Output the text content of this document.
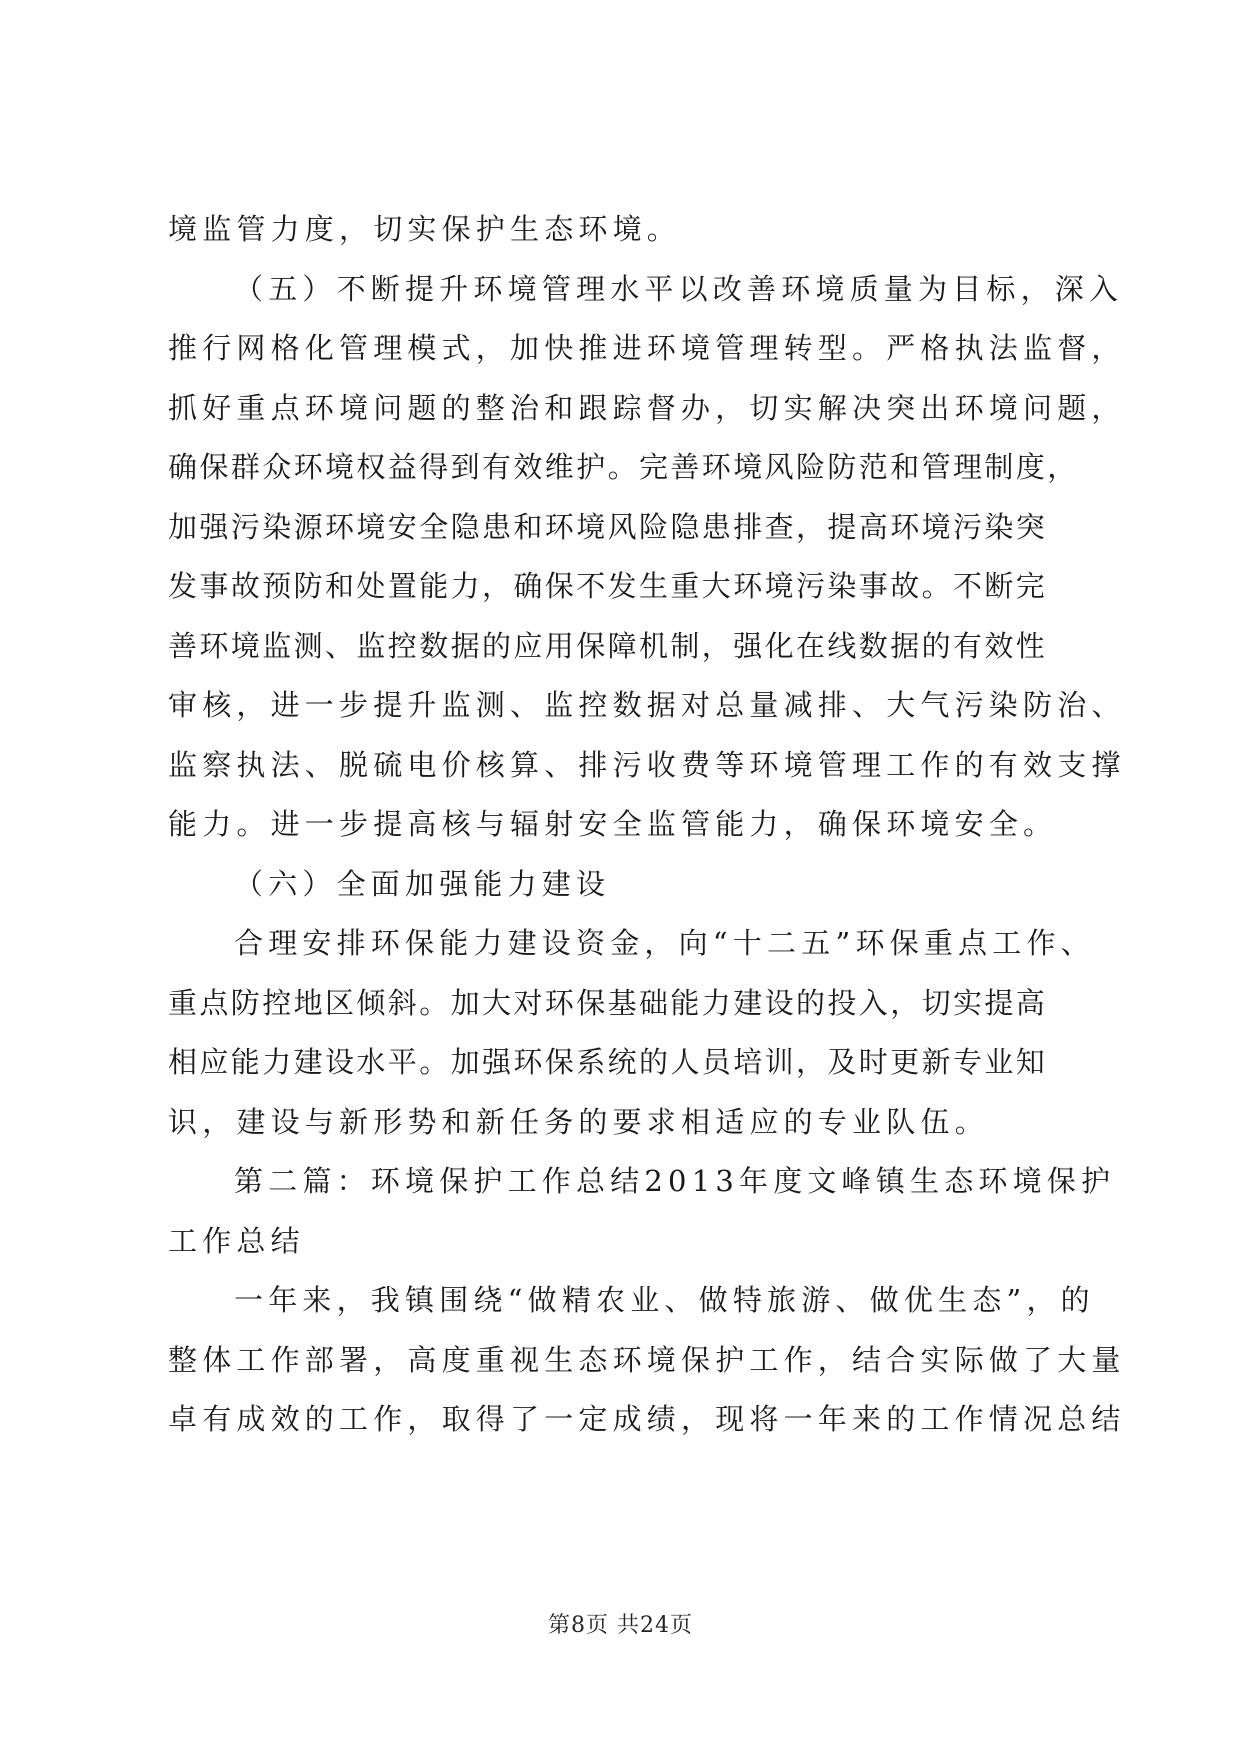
境监管力度，切实保护生态环境。
（五）不断提升环境管理水平以改善环境质量为目标，深入
推行网格化管理模式，加快推进环境管理转型。严格执法监督，
抓好重点环境问题的整治和跟踪督办，切实解决突出环境问题，
确保群众环境权益得到有效维护。完善环境风险防范和管理制度，
加强污染源环境安全隐患和环境风险隐患排查，提高环境污染突
发事故预防和处置能力，确保不发生重大环境污染事故。不断完
善环境监测、监控数据的应用保障机制，强化在线数据的有效性
审核，进一步提升监测、监控数据对总量减排、大气污染防治、
监察执法、脱硫电价核算、排污收费等环境管理工作的有效支撑
能力。进一步提高核与辐射安全监管能力，确保环境安全。
（六）全面加强能力建设
合理安排环保能力建设资金，向“十二五”环保重点工作、
重点防控地区倾斜。加大对环保基础能力建设的投入，切实提高
相应能力建设水平。加强环保系统的人员培训，及时更新专业知
识，建设与新形势和新任务的要求相适应的专业队伍。
第二篇：环境保护工作总结2013年度文峰镇生态环境保护
工作总结
一年来，我镇围绕“做精农业、做特旅游、做优生态”，的
整体工作部署，高度重视生态环境保护工作，结合实际做了大量
卓有成效的工作，取得了一定成绩，现将一年来的工作情况总结
第8页 共24页
